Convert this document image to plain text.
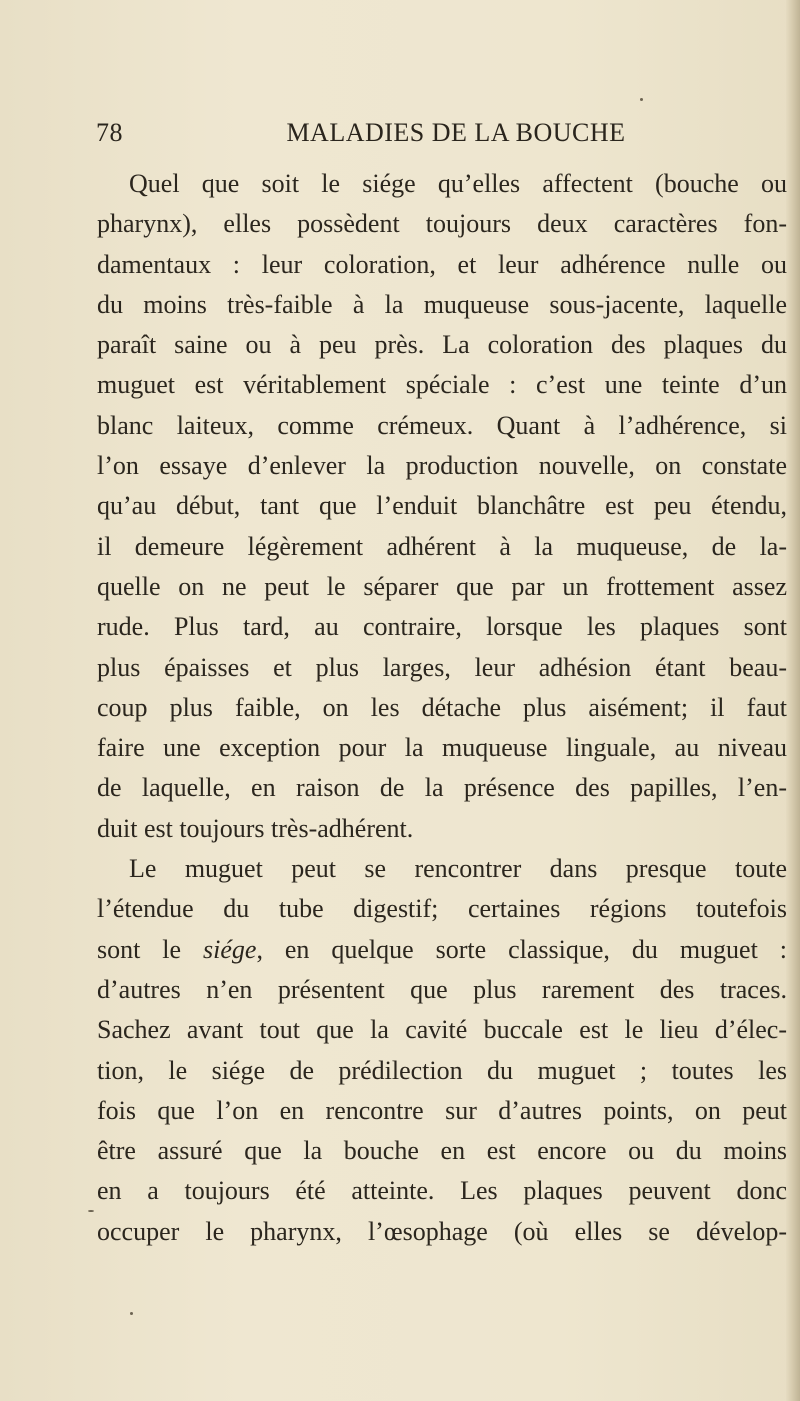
78	MALADIES DE LA BOUCHE

Quel que soit le siége qu’elles affectent (bouche ou

pharynx), elles possèdent toujours deux caractères fon-

damentaux : leur coloration, et leur adhérence nulle ou

du moins très-faible à la muqueuse sous-jacente, laquelle

paraît saine ou à peu près. La coloration des plaques du

muguet est véritablement spéciale : c’est une teinte d’un

blanc laiteux, comme crémeux. Quant à l’adhérence, si

l’on essaye d’enlever la production nouvelle, on constate

qu’au début, tant que l’enduit blanchâtre est peu étendu,

il demeure légèrement adhérent à la muqueuse, de la-

quelle on ne peut le séparer que par un frottement assez

rude. Plus tard, au contraire, lorsque les plaques sont

plus épaisses et plus larges, leur adhésion étant beau-

coup plus faible, on les détache plus aisément; il faut

faire une exception pour la muqueuse linguale, au niveau

de laquelle, en raison de la présence des papilles, l’en-

duit est toujours très-adhérent.

Le muguet peut se rencontrer dans presque toute

l’étendue du tube digestif; certaines régions toutefois

sont le siége, en quelque sorte classique, du muguet :

d’autres n’en présentent que plus rarement des traces.

Sachez avant tout que la cavité buccale est le lieu d’élec-

tion, le siége de prédilection du muguet ; toutes les

fois que l’on en rencontre sur d’autres points, on peut

être assuré que la bouche en est encore ou du moins

en a toujours été atteinte. Les plaques peuvent donc

occuper le pharynx, l’œsophage (où elles se dévelop-
